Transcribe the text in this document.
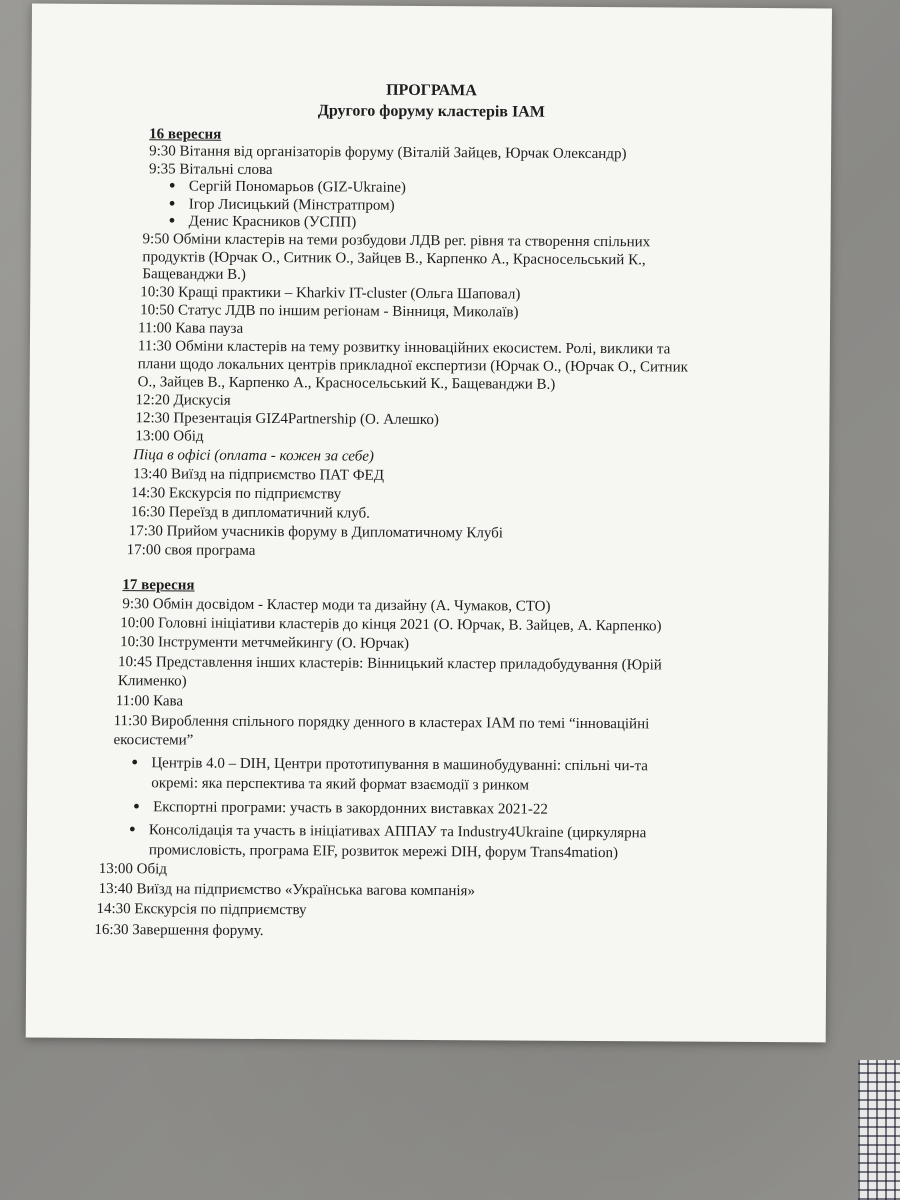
ПРОГРАМА

Другого форуму кластерів IAM

16 вересня

9:30 Вітання від організаторів форуму (Віталій Зайцев, Юрчак Олександр)

9:35 Вітальні слова

● Сергій Пономарьов (GIZ-Ukraine)

● Ігор Лисицький (Мінстратпром)

● Денис Красников (УСПП)

9:50 Обміни кластерів на теми розбудови ЛДВ рег. рівня та створення спільних

продуктів (Юрчак О., Ситник О., Зайцев В., Карпенко А., Красносельський К.,

Бащеванджи В.)

10:30 Кращі практики – Kharkiv IT-cluster (Ольга Шаповал)

10:50 Статус ЛДВ по іншим регіонам - Вінниця, Миколаїв)

11:00 Кава пауза

11:30 Обміни кластерів на тему розвитку інноваційних екосистем. Ролі, виклики та

плани щодо локальних центрів прикладної експертизи (Юрчак О., (Юрчак О., Ситник

О., Зайцев В., Карпенко А., Красносельський К., Бащеванджи В.)

12:20 Дискусія

12:30 Презентація GIZ4Partnership (О. Алешко)

13:00 Обід

Піца в офісі (оплата - кожен за себе)

13:40 Виїзд на підприємство ПАТ ФЕД

14:30 Екскурсія по підприємству

16:30 Переїзд в дипломатичний клуб.

17:30 Прийом учасників форуму в Дипломатичному Клубі

17:00 своя програма

17 вересня

9:30 Обмін досвідом - Кластер моди та дизайну (А. Чумаков, СТО)

10:00 Головні ініціативи кластерів до кінця 2021 (О. Юрчак, В. Зайцев, А. Карпенко)

10:30 Інструменти метчмейкингу (О. Юрчак)

10:45 Представлення інших кластерів: Вінницький кластер приладобудування (Юрій

Клименко)

11:00 Кава

11:30 Вироблення спільного порядку денного в кластерах IAM по темі “інноваційні

екосистеми”

● Центрів 4.0 – DIH, Центри прототипування в машинобудуванні: спільні чи-та

окремі: яка перспектива та який формат взаємодії з ринком

● Експортні програми: участь в закордонних виставках 2021-22

● Консолідація та участь в ініціативах АППАУ та Industry4Ukraine (циркулярна

промисловість, програма EIF, розвиток мережі DIH, форум Trans4mation)

13:00 Обід

13:40 Виїзд на підприємство «Українська вагова компанія»

14:30 Екскурсія по підприємству

16:30 Завершення форуму.
